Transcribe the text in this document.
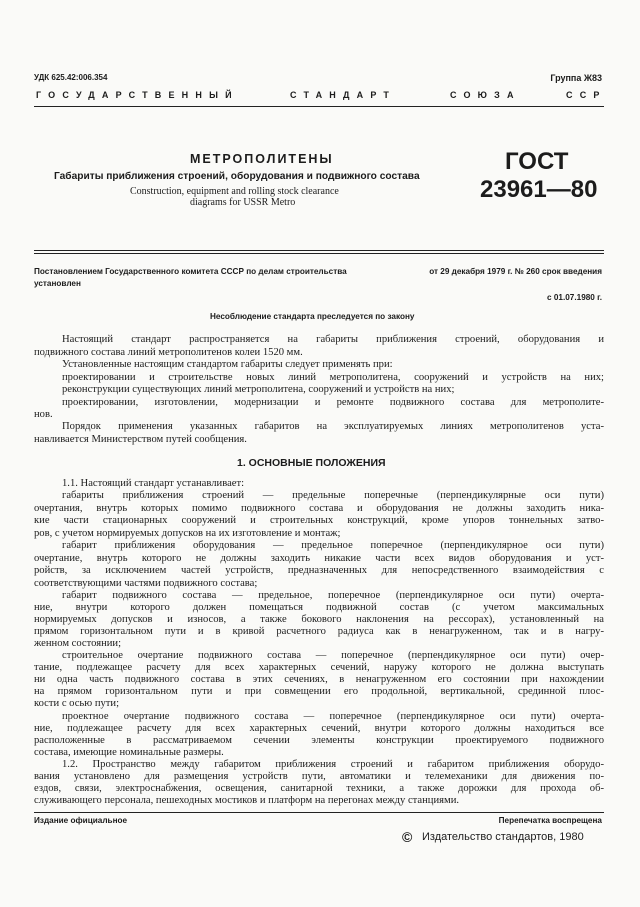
УДК 625.42:006.354	Группа Ж83
ГОСУДАРСТВЕННЫЙ	СТАНДАРТ	СОЮЗА	ССР
МЕТРОПОЛИТЕНЫ
Габариты приближения строений, оборудования и подвижного состава
Construction, equipment and rolling stock clearance
diagrams for USSR Metro
ГОСТ
23961—80
Постановлением Государственного комитета СССР по делам строительства	от 29 декабря 1979 г. № 260 срок введения
установлен
с 01.07.1980 г.
Несоблюдение стандарта преследуется по закону
Настоящий стандарт распространяется на габариты приближения строений, оборудования и
подвижного состава линий метрополитенов колеи 1520 мм.
Установленные настоящим стандартом габариты следует применять при:
проектировании и строительстве новых линий метрополитена, сооружений и устройств на них;
реконструкции существующих линий метрополитена, сооружений и устройств на них;
проектировании, изготовлении, модернизации и ремонте подвижного состава для метрополите-
нов.
Порядок применения указанных габаритов на эксплуатируемых линиях метрополитенов уста-
навливается Министерством путей сообщения.
1. ОСНОВНЫЕ ПОЛОЖЕНИЯ
1.1. Настоящий стандарт устанавливает:
габариты приближения строений — предельные поперечные (перпендикулярные оси пути)
очертания, внутрь которых помимо подвижного состава и оборудования не должны заходить ника-
кие части стационарных сооружений и строительных конструкций, кроме упоров тоннельных затво-
ров, с учетом нормируемых допусков на их изготовление и монтаж;
габарит приближения оборудования — предельное поперечное (перпендикулярное оси пути)
очертание, внутрь которого не должны заходить никакие части всех видов оборудования и уст-
ройств, за исключением частей устройств, предназначенных для непосредственного взаимодействия с
соответствующими частями подвижного состава;
габарит подвижного состава — предельное, поперечное (перпендикулярное оси пути) очерта-
ние, внутри которого должен помещаться подвижной состав (с учетом максимальных
нормируемых допусков и износов, а также бокового наклонения на рессорах), установленный на
прямом горизонтальном пути и в кривой расчетного радиуса как в ненагруженном, так и в нагру-
женном состоянии;
строительное очертание подвижного состава — поперечное (перпендикулярное оси пути) очер-
тание, подлежащее расчету для всех характерных сечений, наружу которого не должна выступать
ни одна часть подвижного состава в этих сечениях, в ненагруженном его состоянии при нахождении
на прямом горизонтальном пути и при совмещении его продольной, вертикальной, срединной плос-
кости с осью пути;
проектное очертание подвижного состава — поперечное (перпендикулярное оси пути) очерта-
ние, подлежащее расчету для всех характерных сечений, внутри которого должны находиться все
расположенные в рассматриваемом сечении элементы конструкции проектируемого подвижного
состава, имеющие номинальные размеры.
1.2. Пространство между габаритом приближения строений и габаритом приближения оборудо-
вания установлено для размещения устройств пути, автоматики и телемеханики для движения по-
ездов, связи, электроснабжения, освещения, санитарной техники, а также дорожки для прохода об-
служивающего персонала, пешеходных мостиков и платформ на перегонах между станциями.
Издание официальное	Перепечатка воспрещена
© Издательство стандартов, 1980
